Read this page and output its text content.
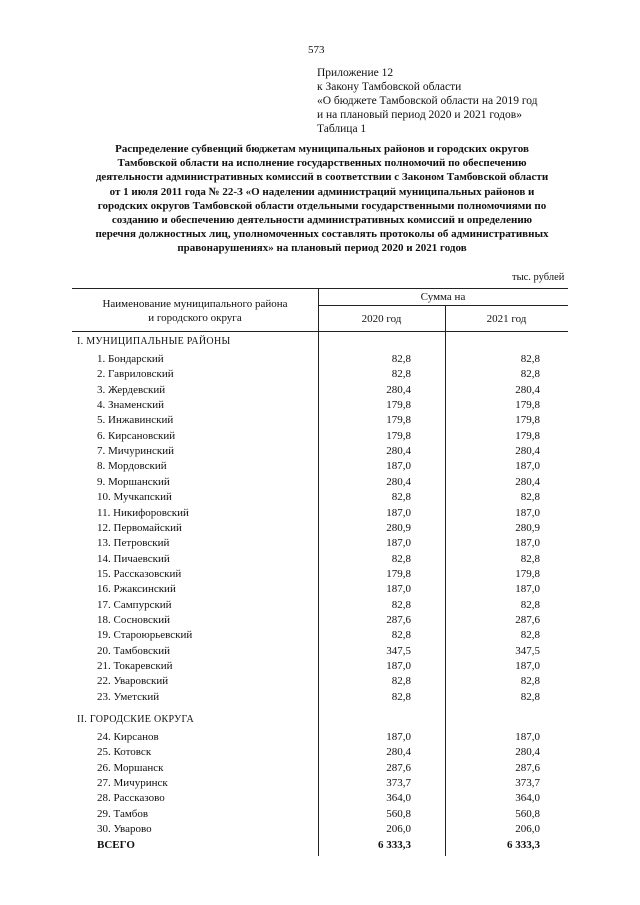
573
Приложение 12
к Закону Тамбовской области
«О бюджете Тамбовской области на 2019 год
и на плановый период 2020 и 2021 годов»
Таблица 1
Распределение субвенций бюджетам муниципальных районов и городских округов
Тамбовской области на исполнение государственных полномочий по обеспечению
деятельности административных комиссий в соответствии с Законом Тамбовской области
от 1 июля 2011 года № 22-З «О наделении администраций муниципальных районов и
городских округов Тамбовской области отдельными государственными полномочиями по
созданию и обеспечению деятельности административных комиссий и определению
перечня должностных лиц, уполномоченных составлять протоколы об административных
правонарушениях» на плановый период 2020 и 2021 годов
тыс. рублей
Наименование муниципального района
и городского округа
Сумма на
2020 год	2021 год
I. МУНИЦИПАЛЬНЫЕ РАЙОНЫ
1. Бондарский	82,8	82,8
2. Гавриловский	82,8	82,8
3. Жердевский	280,4	280,4
4. Знаменский	179,8	179,8
5. Инжавинский	179,8	179,8
6. Кирсановский	179,8	179,8
7. Мичуринский	280,4	280,4
8. Мордовский	187,0	187,0
9. Моршанский	280,4	280,4
10. Мучкапский	82,8	82,8
11. Никифоровский	187,0	187,0
12. Первомайский	280,9	280,9
13. Петровский	187,0	187,0
14. Пичаевский	82,8	82,8
15. Рассказовский	179,8	179,8
16. Ржаксинский	187,0	187,0
17. Сампурский	82,8	82,8
18. Сосновский	287,6	287,6
19. Староюрьевский	82,8	82,8
20. Тамбовский	347,5	347,5
21. Токаревский	187,0	187,0
22. Уваровский	82,8	82,8
23. Уметский	82,8	82,8
II. ГОРОДСКИЕ ОКРУГА
24. Кирсанов	187,0	187,0
25. Котовск	280,4	280,4
26. Моршанск	287,6	287,6
27. Мичуринск	373,7	373,7
28. Рассказово	364,0	364,0
29. Тамбов	560,8	560,8
30. Уварово	206,0	206,0
ВСЕГО	6 333,3	6 333,3
